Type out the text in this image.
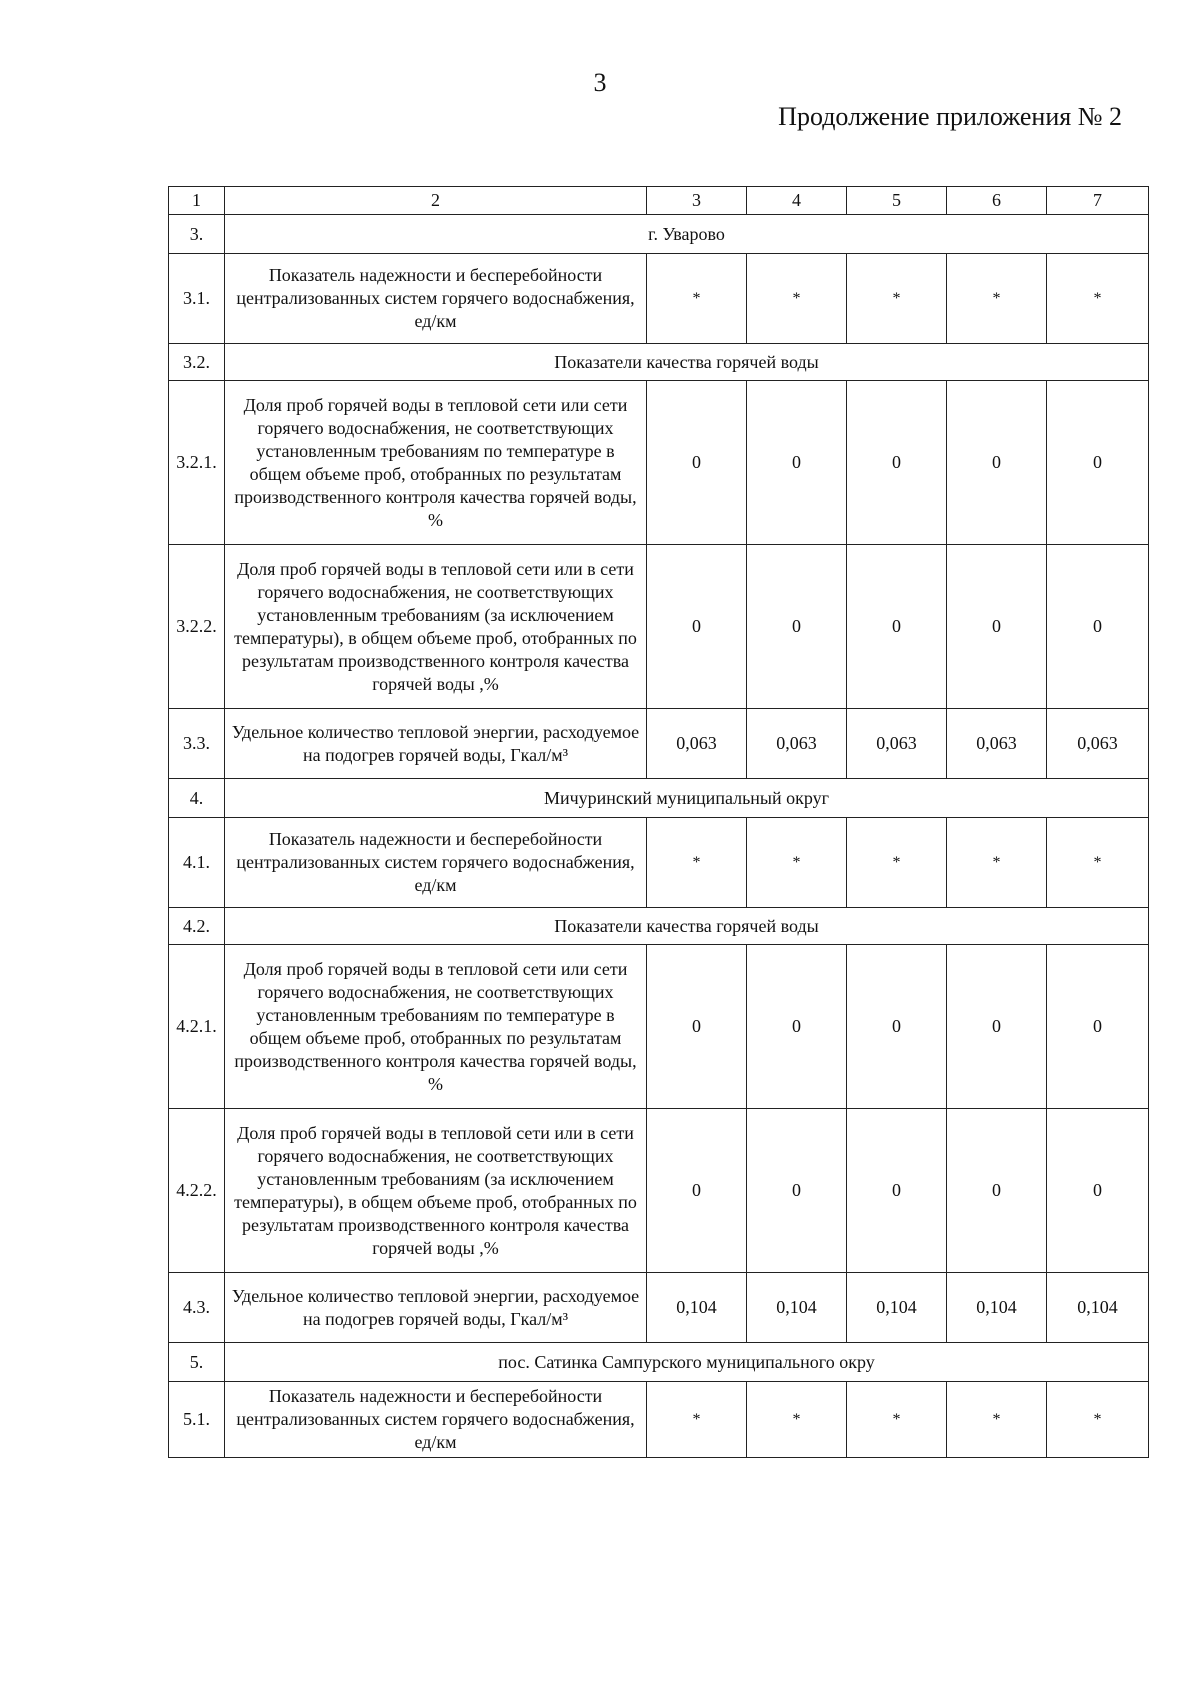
3
Продолжение приложения № 2
1	2	3	4	5	6	7
3.	г. Уварово					
3.1.	Показатель надежности и бесперебойности централизованных систем горячего водоснабжения, ед/км	*	*	*	*	*
3.2.	Показатели качества горячей воды					
3.2.1.	Доля проб горячей воды в тепловой сети или сети горячего водоснабжения, не соответствующих установленным требованиям по температуре в общем объеме проб, отобранных по результатам производственного контроля качества горячей воды, %	0	0	0	0	0
3.2.2.	Доля проб горячей воды в тепловой сети или в сети горячего водоснабжения, не соответствующих установленным требованиям (за исключением температуры), в общем объеме проб, отобранных по результатам производственного контроля качества горячей воды ,%	0	0	0	0	0
3.3.	Удельное количество тепловой энергии, расходуемое на подогрев горячей воды, Гкал/м³	0,063	0,063	0,063	0,063	0,063
4.	Мичуринский муниципальный округ					
4.1.	Показатель надежности и бесперебойности централизованных систем горячего водоснабжения, ед/км	*	*	*	*	*
4.2.	Показатели качества горячей воды					
4.2.1.	Доля проб горячей воды в тепловой сети или сети горячего водоснабжения, не соответствующих установленным требованиям по температуре в общем объеме проб, отобранных по результатам производственного контроля качества горячей воды, %	0	0	0	0	0
4.2.2.	Доля проб горячей воды в тепловой сети или в сети горячего водоснабжения, не соответствующих установленным требованиям (за исключением температуры), в общем объеме проб, отобранных по результатам производственного контроля качества горячей воды ,%	0	0	0	0	0
4.3.	Удельное количество тепловой энергии, расходуемое на подогрев горячей воды, Гкал/м³	0,104	0,104	0,104	0,104	0,104
5.	пос. Сатинка Сампурского муниципального окру					
5.1.	Показатель надежности и бесперебойности централизованных систем горячего водоснабжения, ед/км	*	*	*	*	*
